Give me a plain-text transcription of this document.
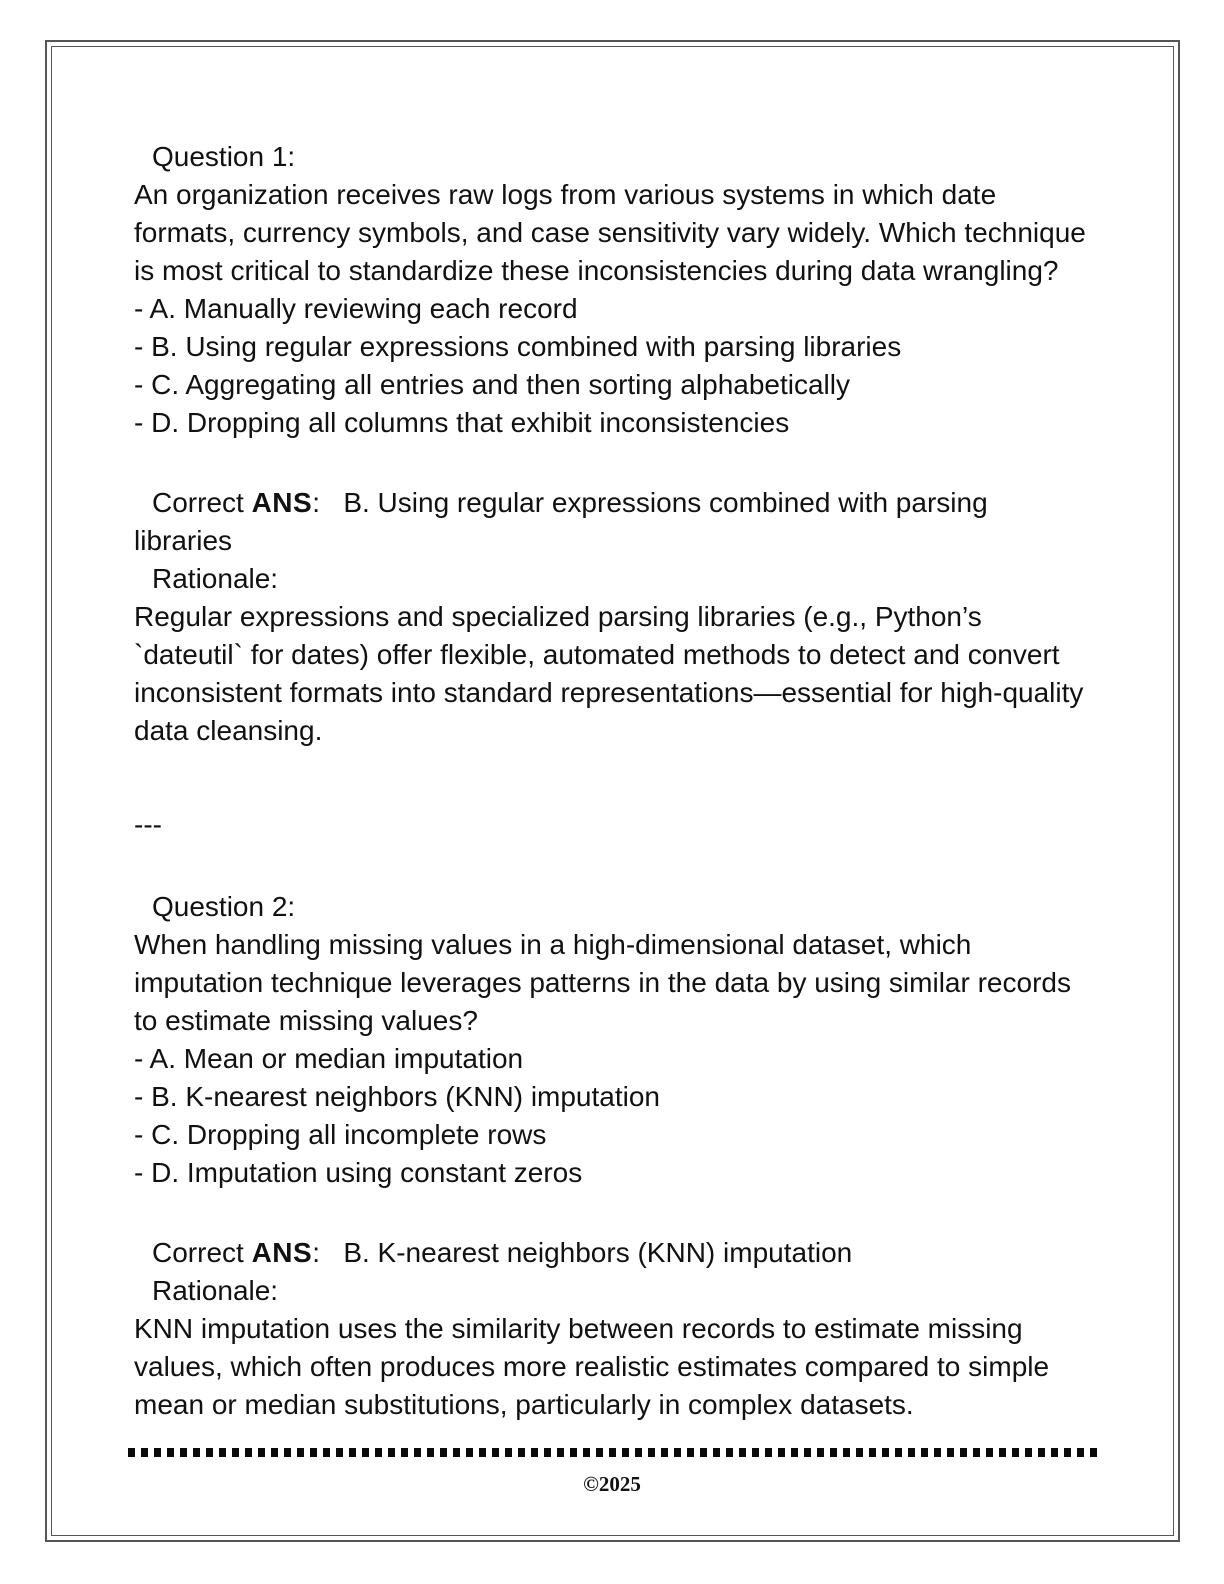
Question 1:

An organization receives raw logs from various systems in which date formats, currency symbols, and case sensitivity vary widely. Which technique is most critical to standardize these inconsistencies during data wrangling?

- A. Manually reviewing each record

- B. Using regular expressions combined with parsing libraries

- C. Aggregating all entries and then sorting alphabetically

- D. Dropping all columns that exhibit inconsistencies

Correct ANS:   B. Using regular expressions combined with parsing libraries

Rationale:

Regular expressions and specialized parsing libraries (e.g., Python’s `dateutil` for dates) offer flexible, automated methods to detect and convert inconsistent formats into standard representations—essential for high-quality data cleansing.

---

Question 2:

When handling missing values in a high-dimensional dataset, which imputation technique leverages patterns in the data by using similar records to estimate missing values?

- A. Mean or median imputation

- B. K-nearest neighbors (KNN) imputation

- C. Dropping all incomplete rows

- D. Imputation using constant zeros

Correct ANS:   B. K-nearest neighbors (KNN) imputation

Rationale:

KNN imputation uses the similarity between records to estimate missing values, which often produces more realistic estimates compared to simple mean or median substitutions, particularly in complex datasets.

©2025
